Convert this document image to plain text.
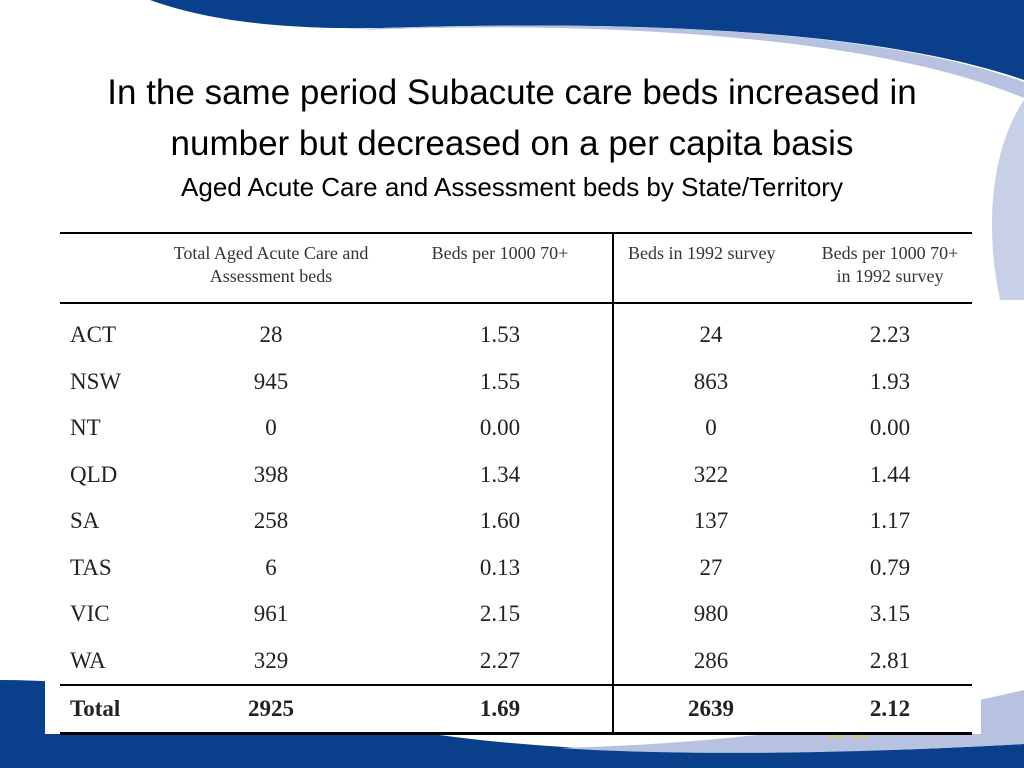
In the same period Subacute care beds increased in
number but decreased on a per capita basis
Aged Acute Care and Assessment beds by State/Territory
	Total Aged Acute Care and Assessment beds	Beds per 1000 70+	Beds in 1992 survey	Beds per 1000 70+ in 1992 survey
ACT	28	1.53	24	2.23
NSW	945	1.55	863	1.93
NT	0	0.00	0	0.00
QLD	398	1.34	322	1.44
SA	258	1.60	137	1.17
TAS	6	0.13	27	0.79
VIC	961	2.15	980	3.15
WA	329	2.27	286	2.81
Total	2925	1.69	2639	2.12
